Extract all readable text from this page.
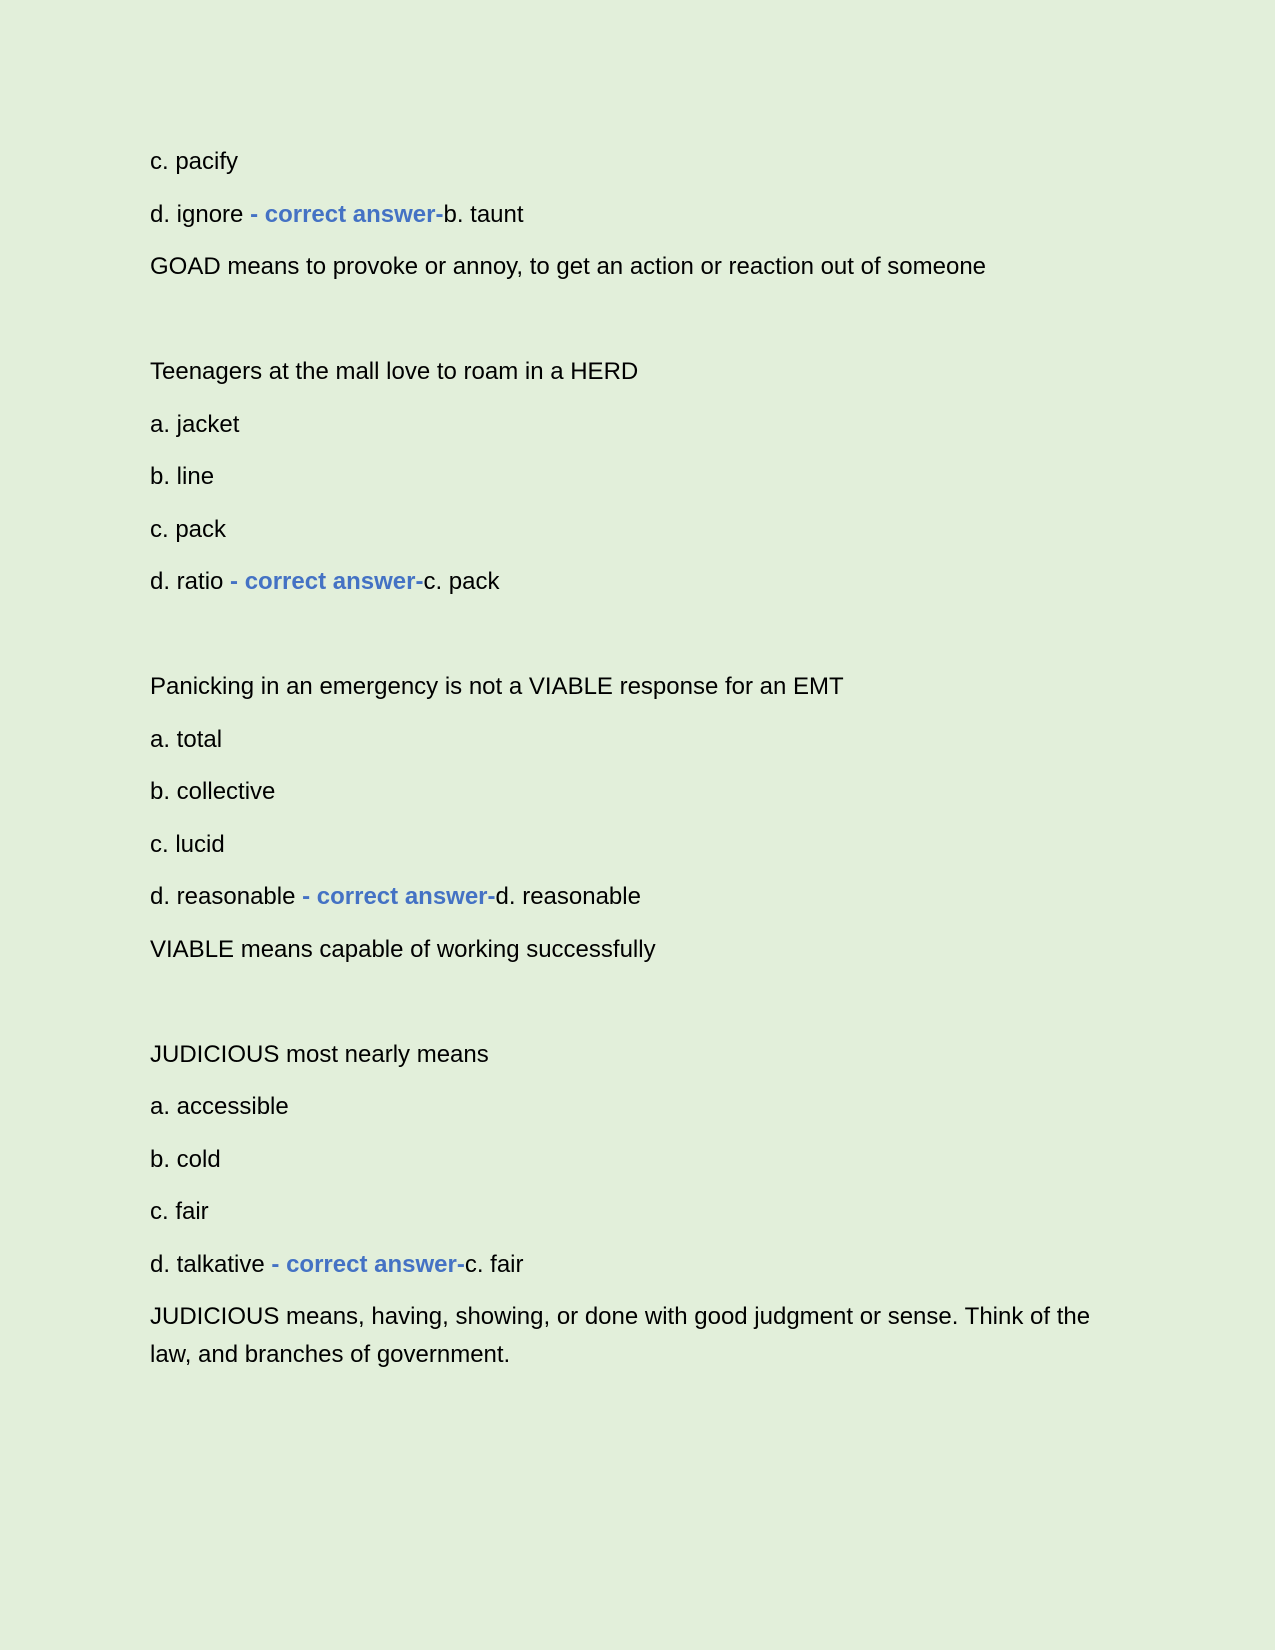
c. pacify
d. ignore - correct answer-b. taunt
GOAD means to provoke or annoy, to get an action or reaction out of someone
Teenagers at the mall love to roam in a HERD
a. jacket
b. line
c. pack
d. ratio - correct answer-c. pack
Panicking in an emergency is not a VIABLE response for an EMT
a. total
b. collective
c. lucid
d. reasonable - correct answer-d. reasonable
VIABLE means capable of working successfully
JUDICIOUS most nearly means
a. accessible
b. cold
c. fair
d. talkative - correct answer-c. fair
JUDICIOUS means, having, showing, or done with good judgment or sense. Think of the law, and branches of government.
